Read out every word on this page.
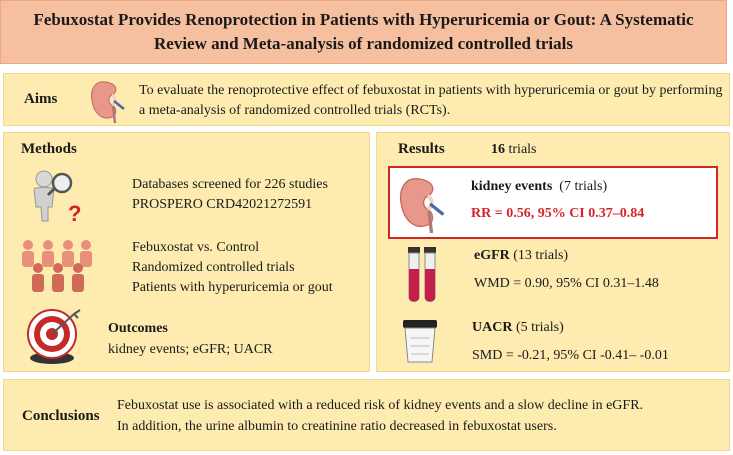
Febuxostat Provides Renoprotection in Patients with Hyperuricemia or Gout: A Systematic Review and Meta-analysis of randomized controlled trials
Aims
To evaluate the renoprotective effect of febuxostat in patients with hyperuricemia or gout by performing a meta-analysis of randomized controlled trials (RCTs).
Methods
?
Databases screened for 226 studies
PROSPERO CRD42021272591
Febuxostat vs. Control
Randomized controlled trials
Patients with hyperuricemia or gout
Outcomes
kidney events; eGFR; UACR
Results	16 trials
kidney events (7 trials)
RR = 0.56, 95% CI 0.37–0.84
eGFR (13 trials)
WMD = 0.90, 95% CI 0.31–1.48
UACR (5 trials)
SMD = -0.21, 95% CI -0.41– -0.01
Conclusions
Febuxostat use is associated with a reduced risk of kidney events and a slow decline in eGFR.
In addition, the urine albumin to creatinine ratio decreased in febuxostat users.
